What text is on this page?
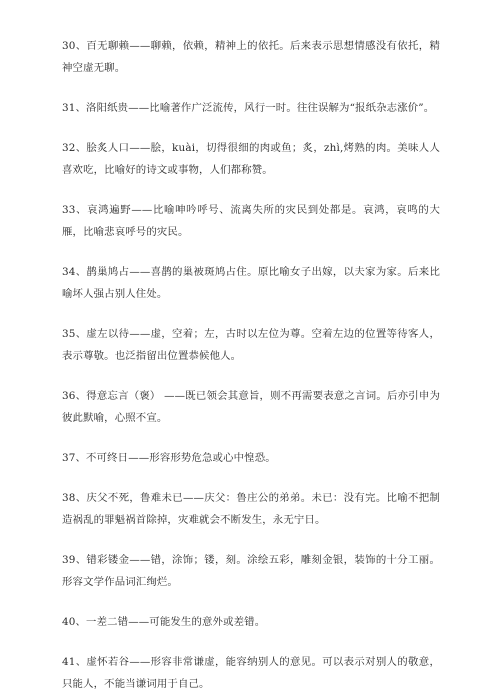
30、百无聊赖——聊赖，依赖，精神上的依托。后来表示思想情感没有依托，精神空虚无聊。

31、洛阳纸贵——比喻著作广泛流传，风行一时。往往误解为“报纸杂志涨价”。

32、脍炙人口——脍，kuài，切得很细的肉或鱼；炙，zhì,烤熟的肉。美味人人喜欢吃，比喻好的诗文或事物，人们都称赞。

33、哀鸿遍野——比喻呻吟呼号、流离失所的灾民到处都是。哀鸿，哀鸣的大雁，比喻悲哀呼号的灾民。

34、鹊巢鸠占——喜鹊的巢被斑鸠占住。原比喻女子出嫁，以夫家为家。后来比喻坏人强占别人住处。

35、虚左以待——虚，空着；左，古时以左位为尊。空着左边的位置等待客人，表示尊敬。也泛指留出位置恭候他人。

36、得意忘言（褒） ——既已领会其意旨，则不再需要表意之言词。后亦引申为彼此默喻，心照不宣。

37、不可终日——形容形势危急或心中惶恐。

38、庆父不死，鲁难未已——庆父：鲁庄公的弟弟。未已：没有完。比喻不把制造祸乱的罪魁祸首除掉，灾难就会不断发生，永无宁日。

39、错彩镂金——错，涂饰；镂，刻。涂绘五彩，雕刻金银，装饰的十分工丽。形容文学作品词汇绚烂。

40、一差二错——可能发生的意外或差错。

41、虚怀若谷——形容非常谦虚，能容纳别人的意见。可以表示对别人的敬意，只能人，不能当谦词用于自己。
